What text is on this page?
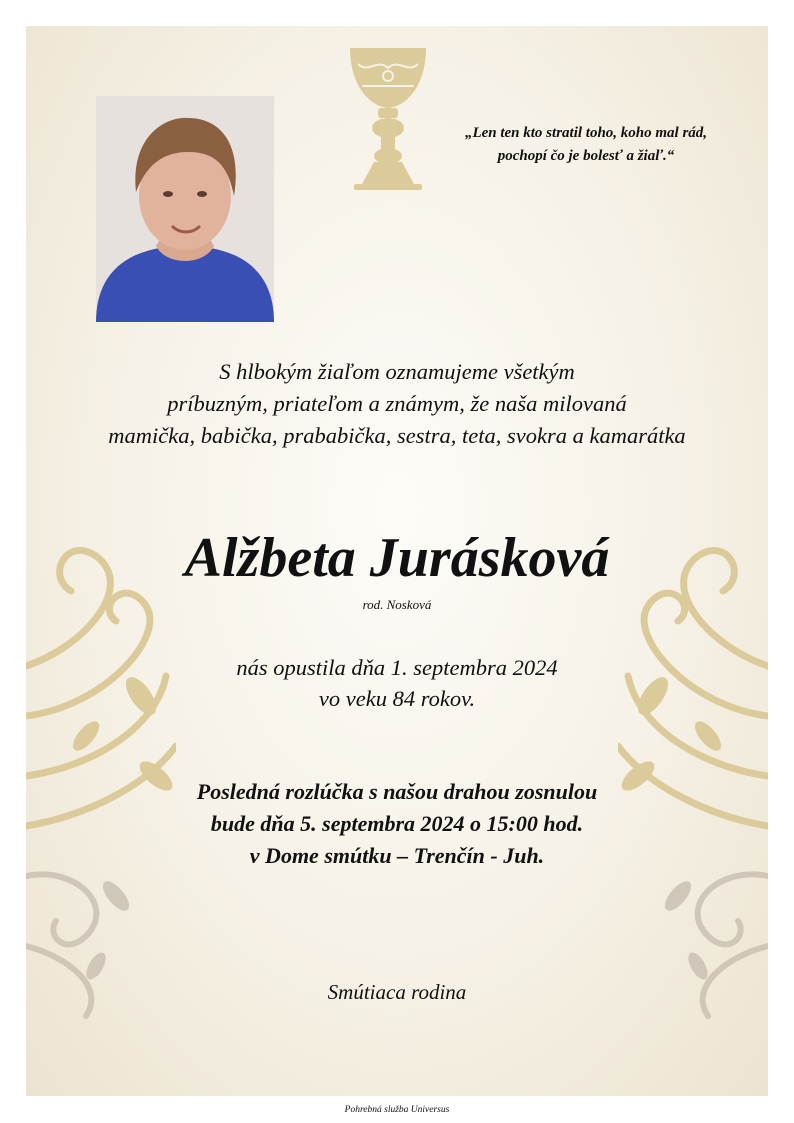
„Len ten kto stratil toho, koho mal rád,
pochopí čo je bolesť a žiaľ.“
S hlbokým žiaľom oznamujeme všetkým
príbuzným, priateľom a známym, že naša milovaná
mamička, babička, prababička, sestra, teta, svokra a kamarátka
Alžbeta Jurásková
rod. Nosková
nás opustila dňa 1. septembra 2024
vo veku 84 rokov.
Posledná rozlúčka s našou drahou zosnulou
bude dňa 5. septembra 2024 o 15:00 hod.
v Dome smútku – Trenčín - Juh.
Smútiaca rodina
Pohrebná služba Universus
